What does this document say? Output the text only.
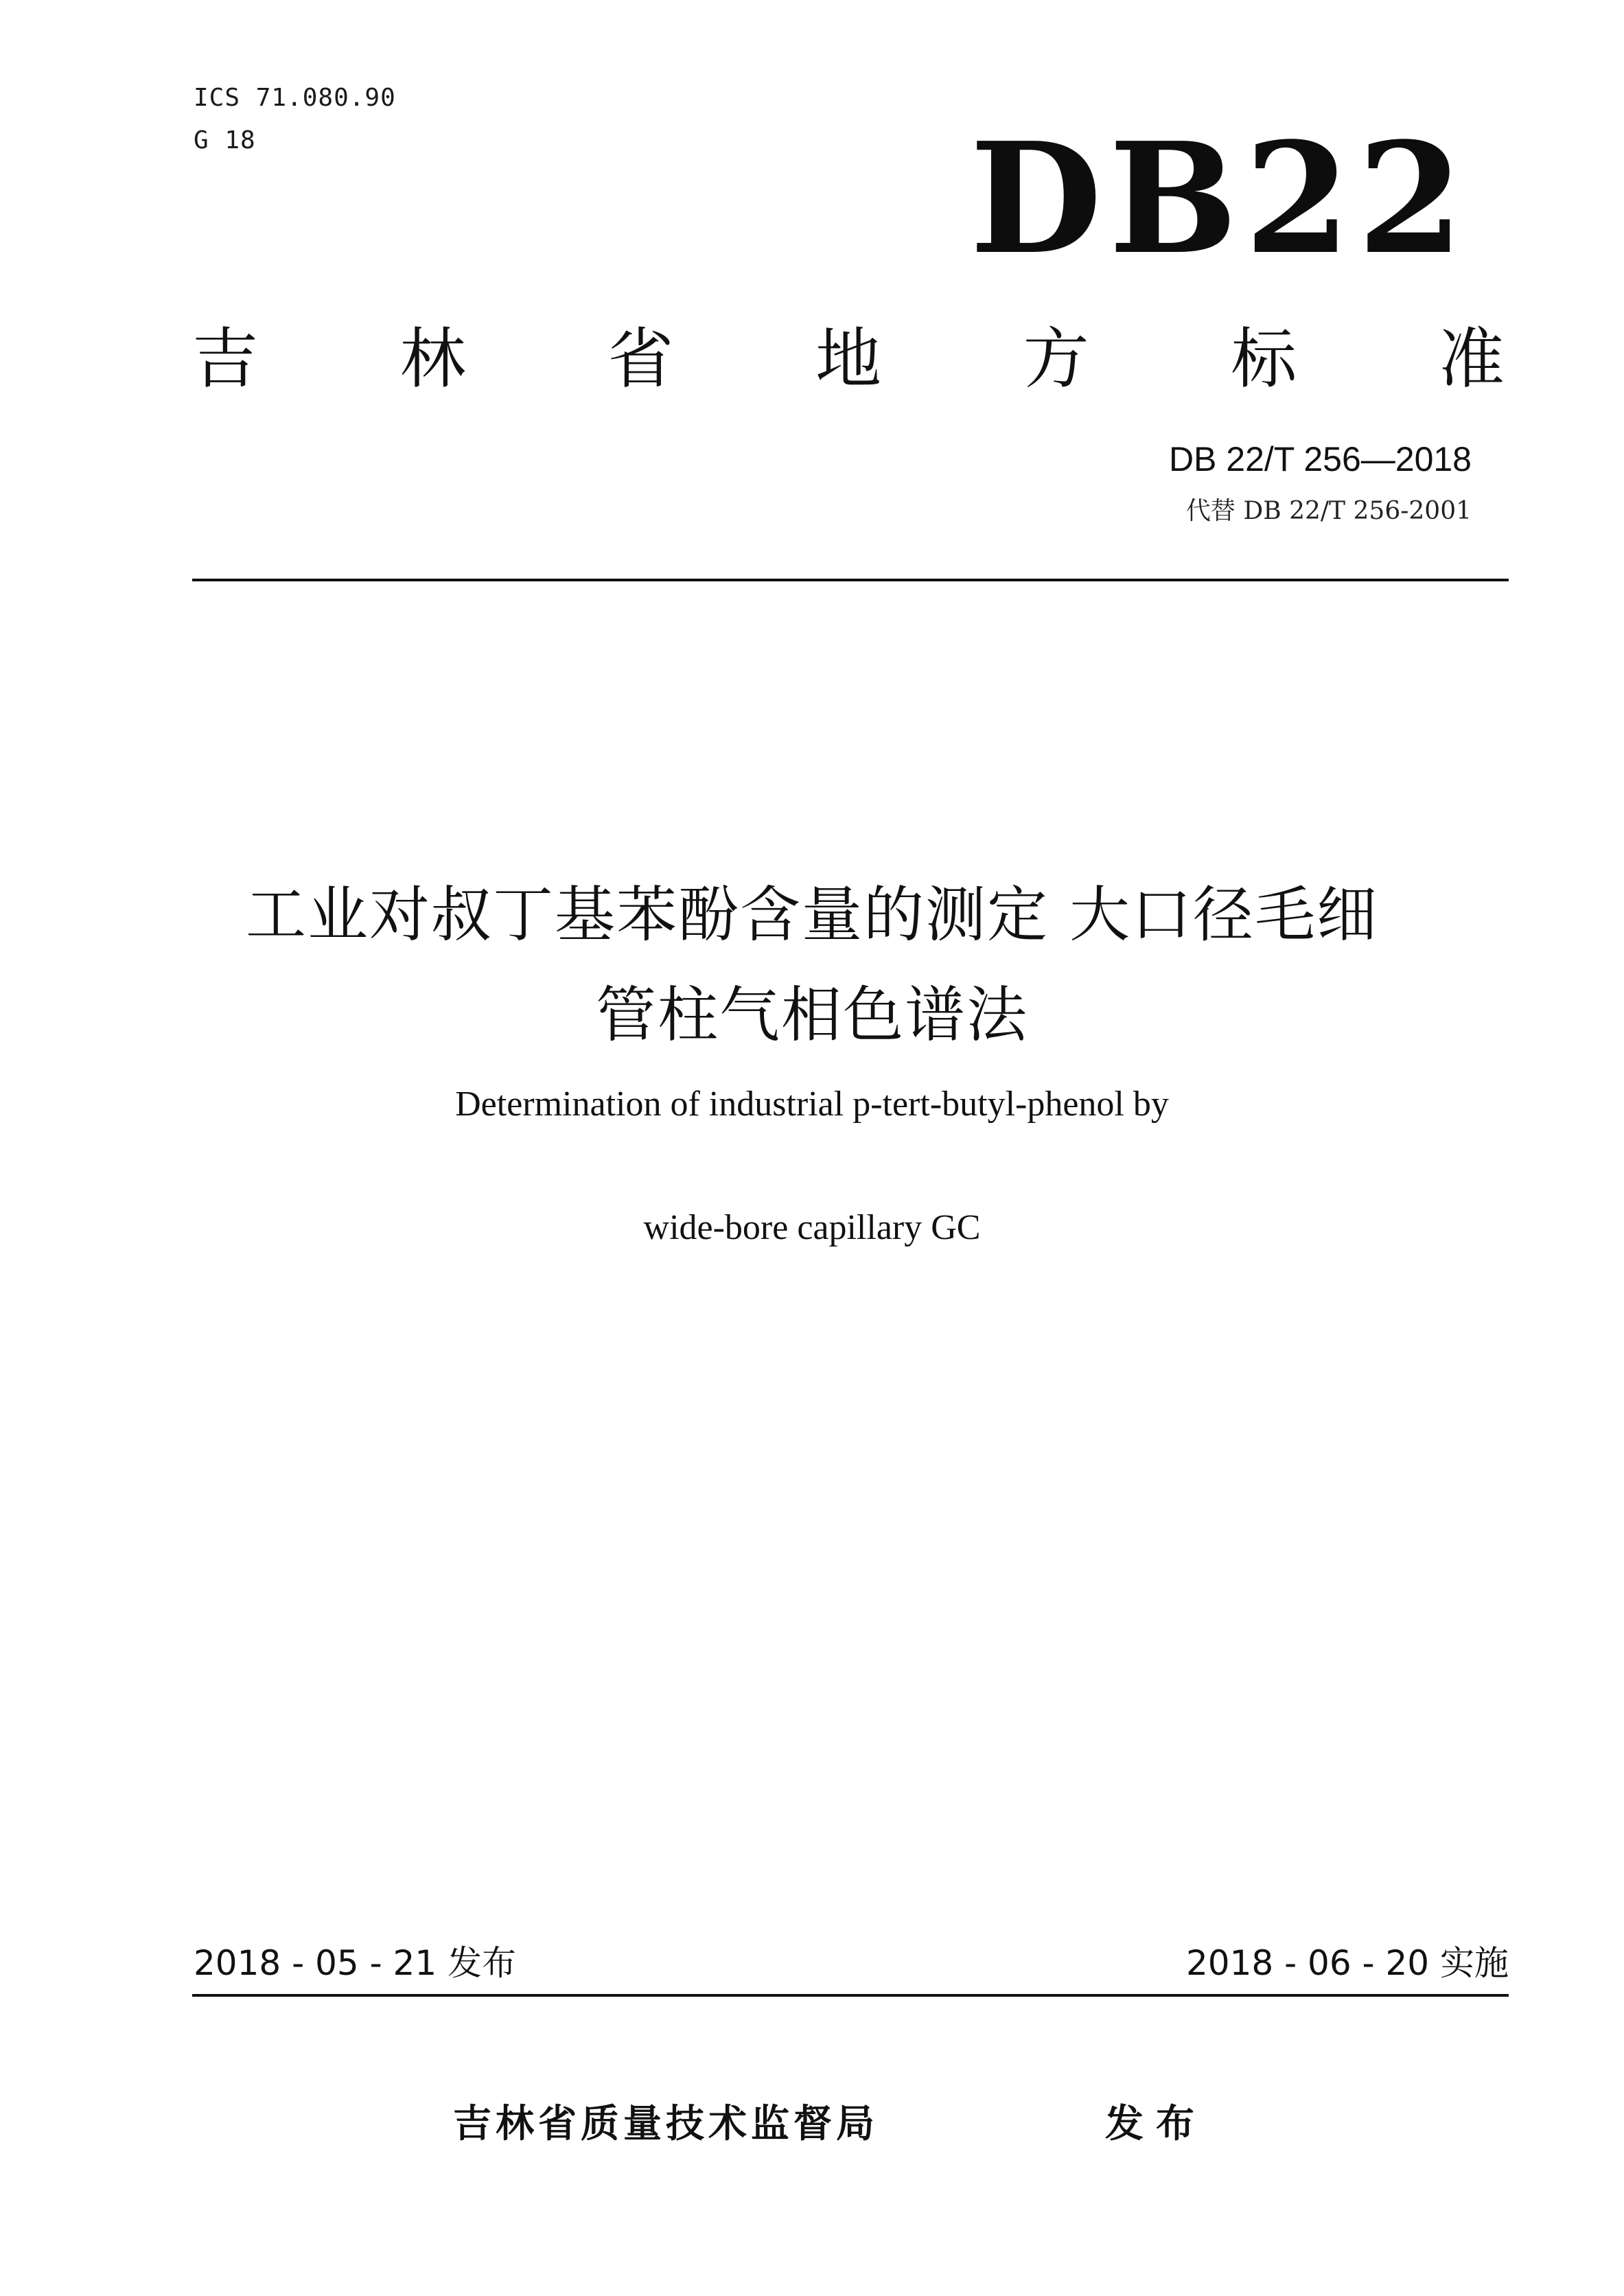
ICS 71.080.90
G 18	DB22
吉 林 省 地 方 标 准
DB 22/T 256—2018
代替 DB 22/T 256-2001
工业对叔丁基苯酚含量的测定 大口径毛细
管柱气相色谱法
Determination of industrial p-tert-butyl-phenol by
wide-bore capillary GC
2018 - 05 - 21 发布	2018 - 06 - 20 实施
吉林省质量技术监督局	发布
